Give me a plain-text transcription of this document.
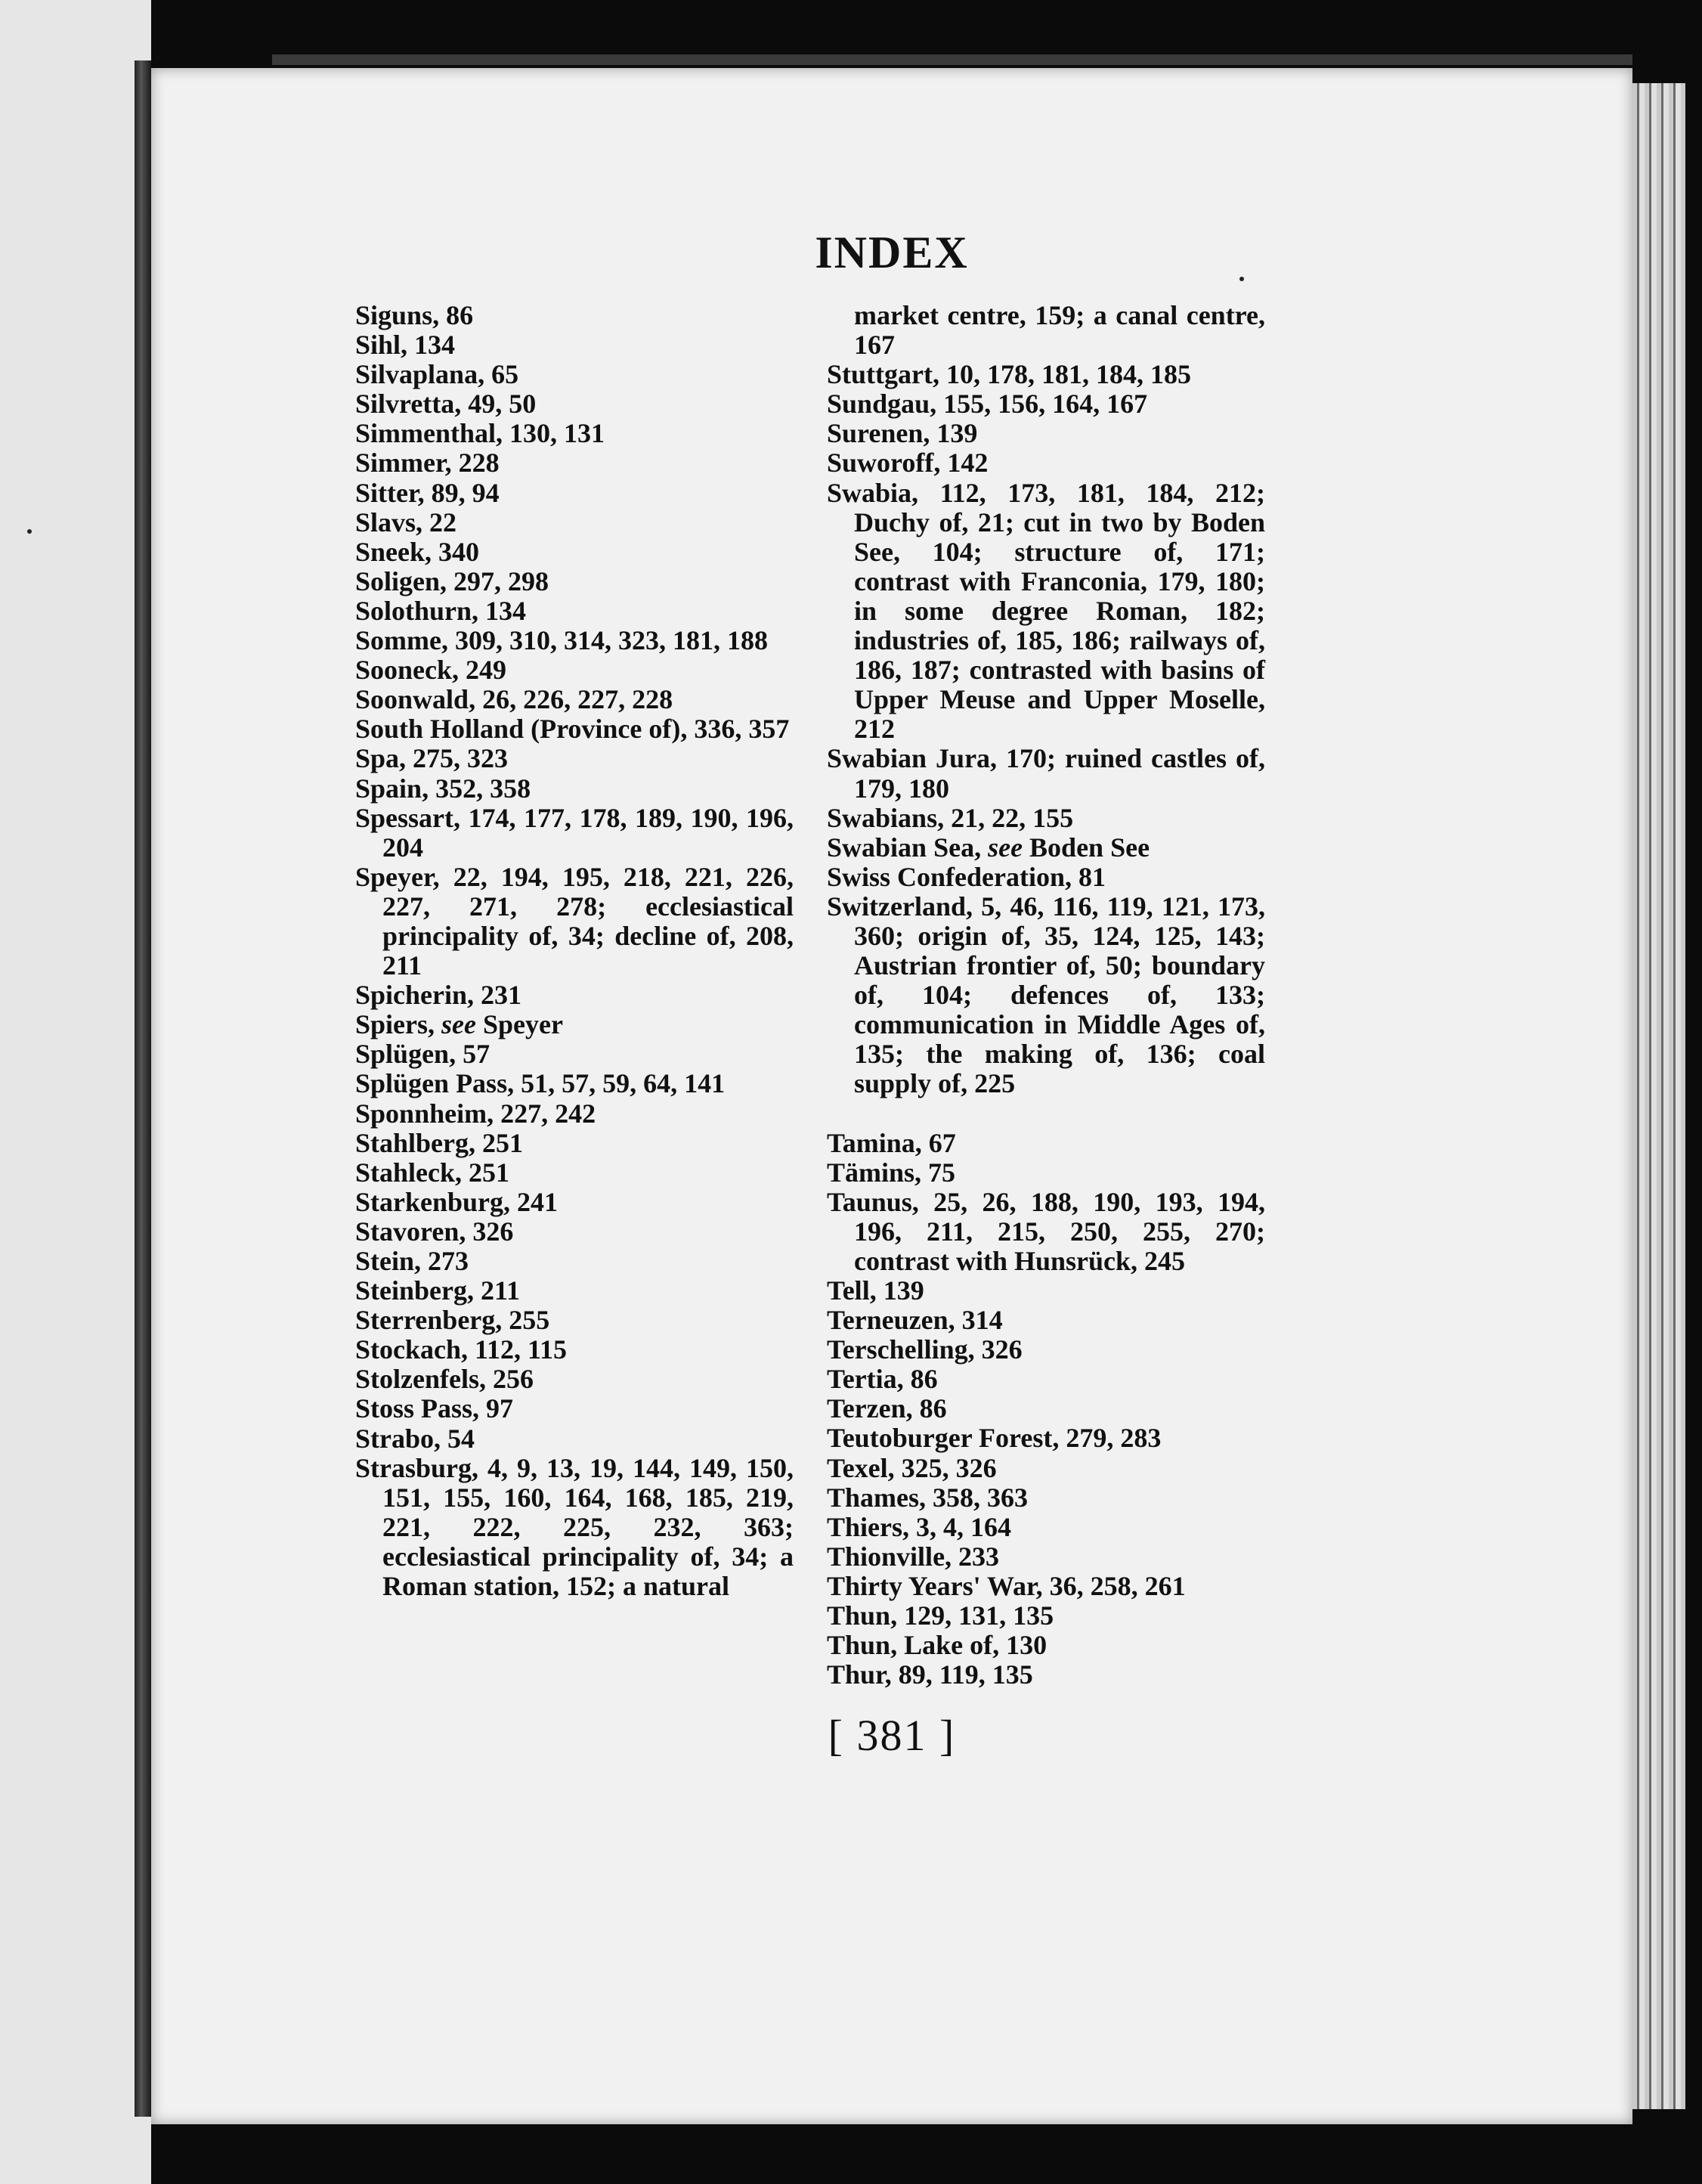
INDEX
Siguns, 86
Sihl, 134
Silvaplana, 65
Silvretta, 49, 50
Simmenthal, 130, 131
Simmer, 228
Sitter, 89, 94
Slavs, 22
Sneek, 340
Soligen, 297, 298
Solothurn, 134
Somme, 309, 310, 314, 323, 181, 188
Sooneck, 249
Soonwald, 26, 226, 227, 228
South Holland (Province of), 336, 357
Spa, 275, 323
Spain, 352, 358
Spessart, 174, 177, 178, 189, 190, 196, 204
Speyer, 22, 194, 195, 218, 221, 226, 227, 271, 278; ecclesiastical principality of, 34; decline of, 208, 211
Spicherin, 231
Spiers, see Speyer
Splügen, 57
Splügen Pass, 51, 57, 59, 64, 141
Sponnheim, 227, 242
Stahlberg, 251
Stahleck, 251
Starkenburg, 241
Stavoren, 326
Stein, 273
Steinberg, 211
Sterrenberg, 255
Stockach, 112, 115
Stolzenfels, 256
Stoss Pass, 97
Strabo, 54
Strasburg, 4, 9, 13, 19, 144, 149, 150, 151, 155, 160, 164, 168, 185, 219, 221, 222, 225, 232, 363; ecclesiastical principality of, 34; a Roman station, 152; a natural
market centre, 159; a canal centre, 167
Stuttgart, 10, 178, 181, 184, 185
Sundgau, 155, 156, 164, 167
Surenen, 139
Suworoff, 142
Swabia, 112, 173, 181, 184, 212; Duchy of, 21; cut in two by Boden See, 104; structure of, 171; contrast with Franconia, 179, 180; in some degree Roman, 182; industries of, 185, 186; railways of, 186, 187; contrasted with basins of Upper Meuse and Upper Moselle, 212
Swabian Jura, 170; ruined castles of, 179, 180
Swabians, 21, 22, 155
Swabian Sea, see Boden See
Swiss Confederation, 81
Switzerland, 5, 46, 116, 119, 121, 173, 360; origin of, 35, 124, 125, 143; Austrian frontier of, 50; boundary of, 104; defences of, 133; communication in Middle Ages of, 135; the making of, 136; coal supply of, 225
Tamina, 67
Tämins, 75
Taunus, 25, 26, 188, 190, 193, 194, 196, 211, 215, 250, 255, 270; contrast with Hunsrück, 245
Tell, 139
Terneuzen, 314
Terschelling, 326
Tertia, 86
Terzen, 86
Teutoburger Forest, 279, 283
Texel, 325, 326
Thames, 358, 363
Thiers, 3, 4, 164
Thionville, 233
Thirty Years' War, 36, 258, 261
Thun, 129, 131, 135
Thun, Lake of, 130
Thur, 89, 119, 135
[ 381 ]
